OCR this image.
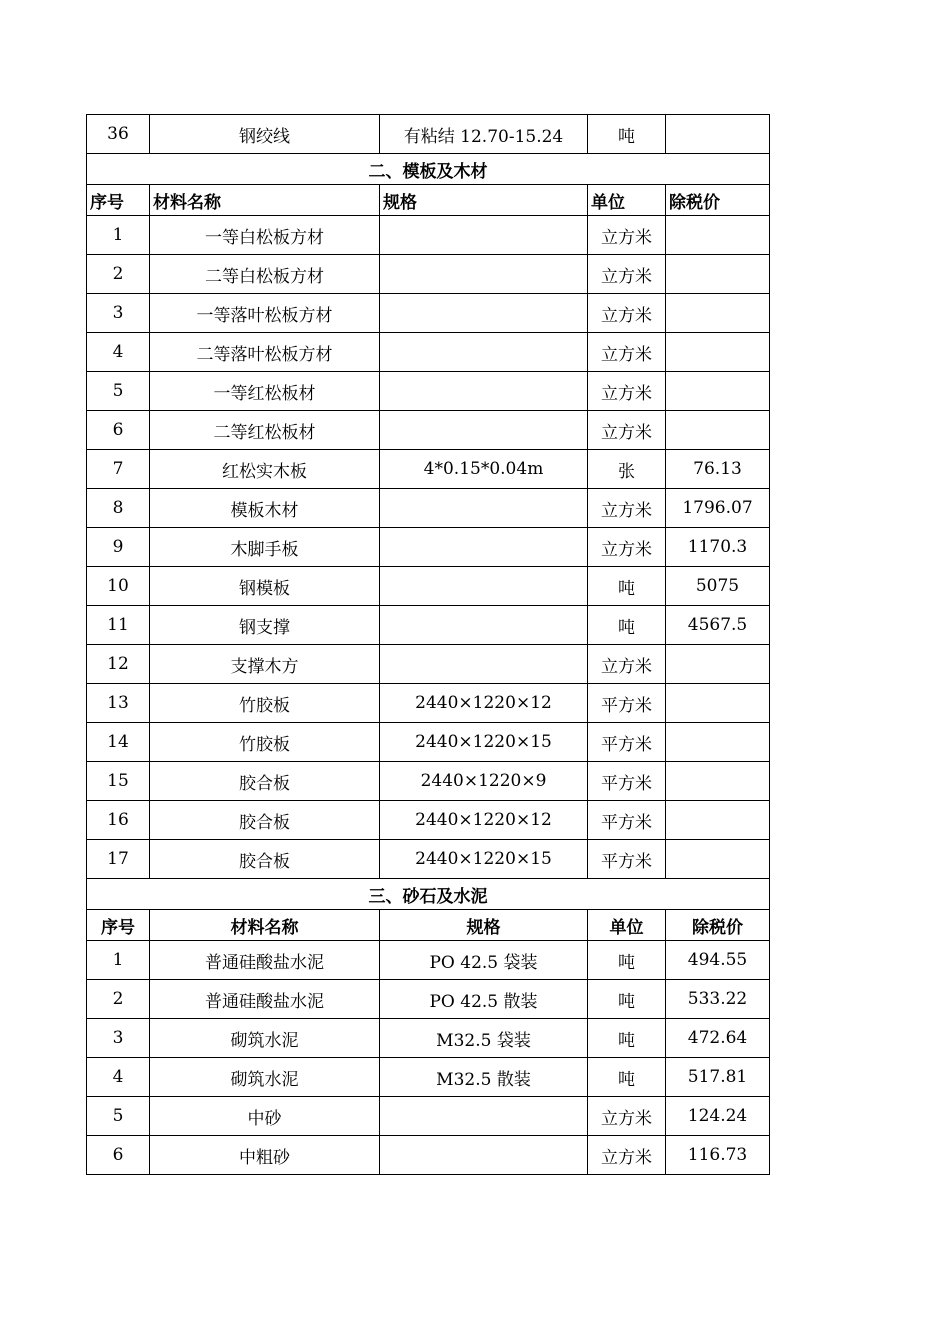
36	钢绞线	有粘结 12.70-15.24	吨	
二、模板及木材				
序号	材料名称	规格	单位	除税价
1	一等白松板方材		立方米	
2	二等白松板方材		立方米	
3	一等落叶松板方材		立方米	
4	二等落叶松板方材		立方米	
5	一等红松板材		立方米	
6	二等红松板材		立方米	
7	红松实木板	4*0.15*0.04m	张	76.13
8	模板木材		立方米	1796.07
9	木脚手板		立方米	1170.3
10	钢模板		吨	5075
11	钢支撑		吨	4567.5
12	支撑木方		立方米	
13	竹胶板	2440×1220×12	平方米	
14	竹胶板	2440×1220×15	平方米	
15	胶合板	2440×1220×9	平方米	
16	胶合板	2440×1220×12	平方米	
17	胶合板	2440×1220×15	平方米	
三、砂石及水泥				
序号	材料名称	规格	单位	除税价
1	普通硅酸盐水泥	PO 42.5 袋装	吨	494.55
2	普通硅酸盐水泥	PO 42.5 散装	吨	533.22
3	砌筑水泥	M32.5 袋装	吨	472.64
4	砌筑水泥	M32.5 散装	吨	517.81
5	中砂		立方米	124.24
6	中粗砂		立方米	116.73
